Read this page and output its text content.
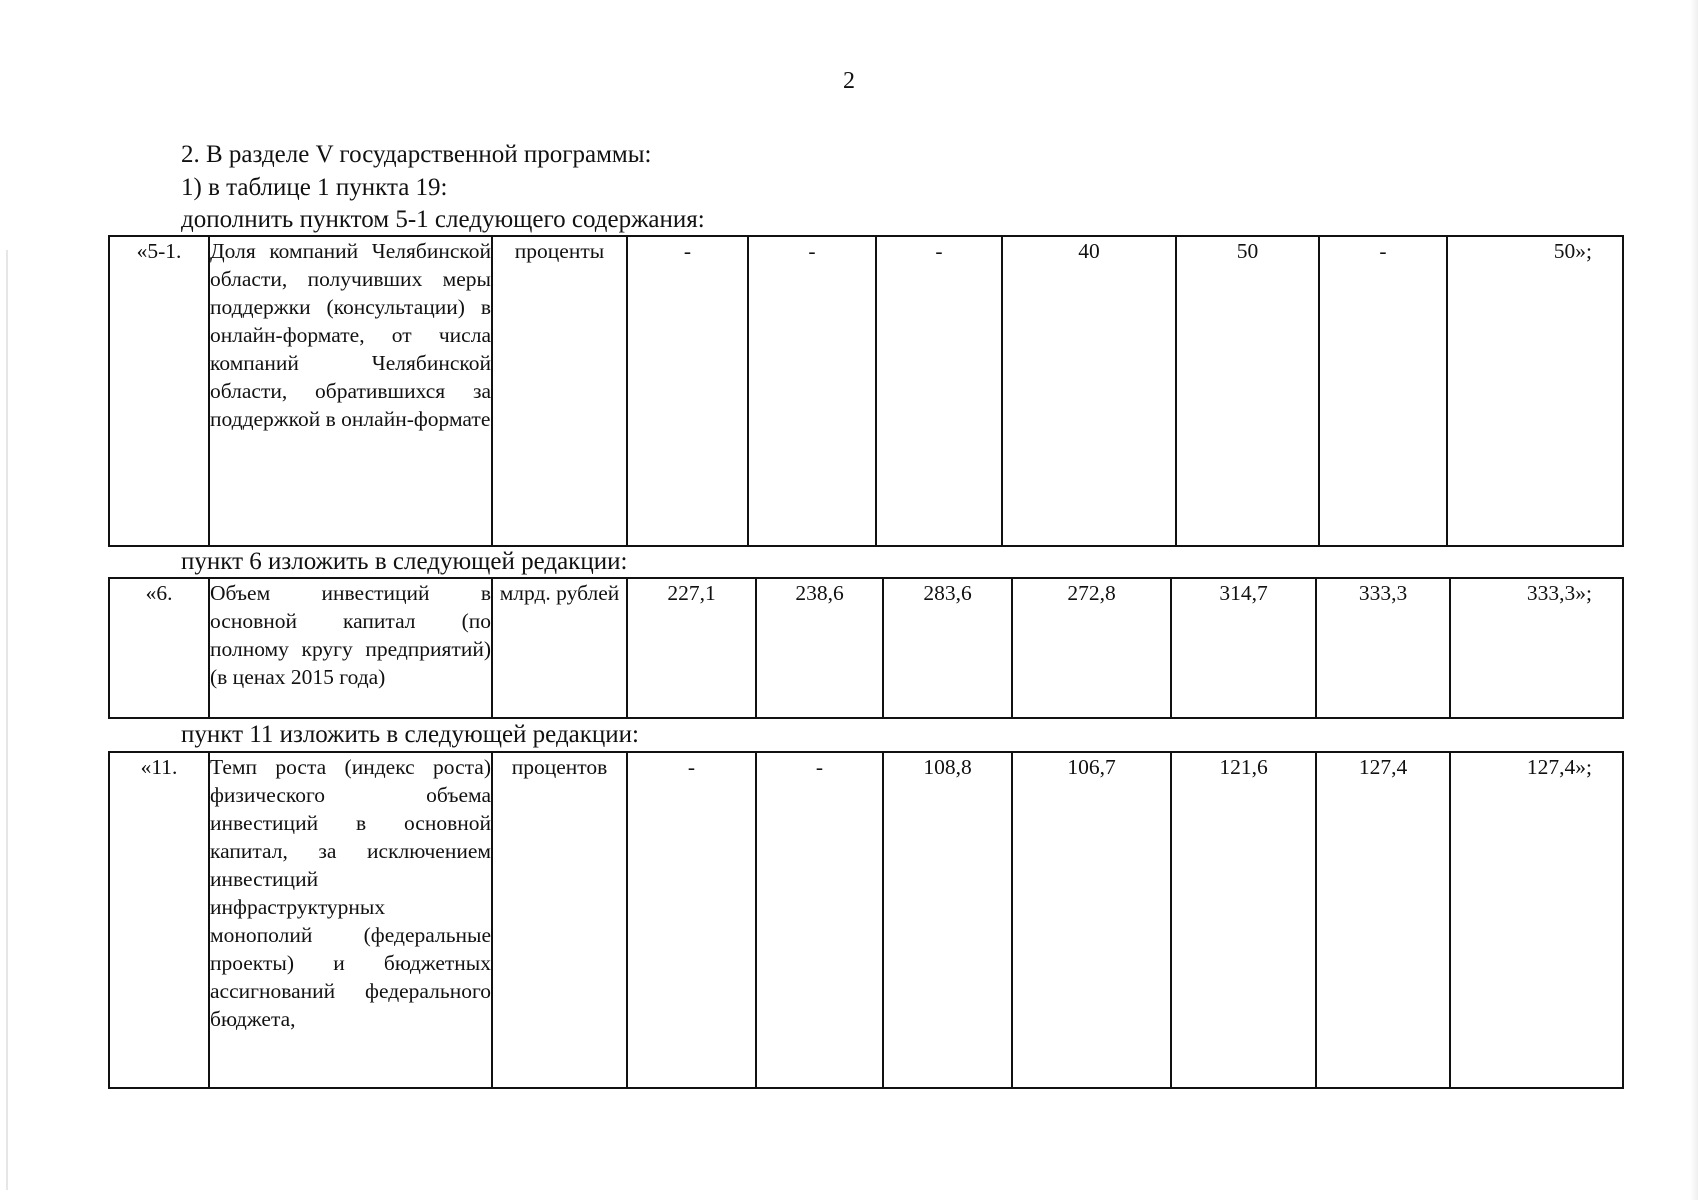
2
2. В разделе V государственной программы:
1) в таблице 1 пункта 19:
дополнить пунктом 5-1 следующего содержания:
«5-1.	Доля компаний Челябинской области, получивших меры поддержки (консультации) в онлайн-формате, от числа компаний Челябинской области, обратившихся за поддержкой в онлайн-формате	проценты	-	-	-	40	50	-	50»;
пункт 6 изложить в следующей редакции:
«6.	Объем инвестиций в основной капитал (по полному кругу предприятий) (в ценах 2015 года)	млрд. рублей	227,1	238,6	283,6	272,8	314,7	333,3	333,3»;
пункт 11 изложить в следующей редакции:
«11.	Темп роста (индекс роста) физического объема инвестиций в основной капитал, за исключением инвестиций инфраструктурных монополий (федеральные проекты) и бюджетных ассигнований федерального бюджета,	процентов	-	-	108,8	106,7	121,6	127,4	127,4»;
